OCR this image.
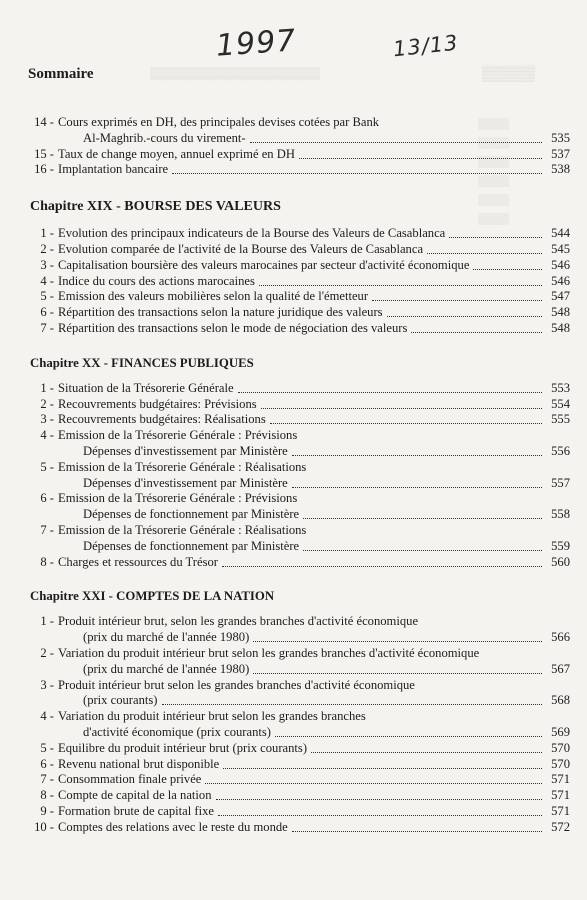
▒▒▒▒▒
▒▒▒▒▒▒▒▒▒▒▒▒▒▒▒▒▒▒▒▒
▒▒▒▒
▒▒▒▒
▒▒▒▒
▒▒▒▒
▒▒▒▒
▒▒▒▒
1997	13/13
Sommaire
14 - Cours exprimés en DH, des principales devises cotées par Bank
Al-Maghrib.-cours du virement-	535
15 - Taux de change moyen, annuel exprimé en DH	537
16 - Implantation bancaire	538
Chapitre XIX - BOURSE DES VALEURS
1 - Evolution des principaux indicateurs de la Bourse des Valeurs de Casablanca	544
2 - Evolution comparée de l'activité de la Bourse des Valeurs de Casablanca	545
3 - Capitalisation boursière des valeurs marocaines par secteur d'activité économique	546
4 - Indice du cours des actions marocaines	546
5 - Emission des valeurs mobilières selon la qualité de l'émetteur	547
6 - Répartition des transactions selon la nature juridique des valeurs	548
7 - Répartition des transactions selon le mode de négociation des valeurs	548
Chapitre XX - FINANCES PUBLIQUES
1 - Situation de la Trésorerie Générale	553
2 - Recouvrements budgétaires: Prévisions	554
3 - Recouvrements budgétaires: Réalisations	555
4 - Emission de la Trésorerie Générale : Prévisions
Dépenses d'investissement par Ministère	556
5 - Emission de la Trésorerie Générale : Réalisations
Dépenses d'investissement par Ministère	557
6 - Emission de la Trésorerie Générale : Prévisions
Dépenses de fonctionnement par Ministère	558
7 - Emission de la Trésorerie Générale : Réalisations
Dépenses de fonctionnement par Ministère	559
8 - Charges et ressources du Trésor	560
Chapitre XXI - COMPTES DE LA NATION
1 - Produit intérieur brut, selon les grandes branches d'activité économique
(prix du marché de l'année 1980)	566
2 - Variation du produit intérieur brut selon les grandes branches d'activité économique
(prix du marché de l'année 1980)	567
3 - Produit intérieur brut selon les grandes branches d'activité économique
(prix courants)	568
4 - Variation du produit intérieur brut selon les grandes branches
d'activité économique (prix courants)	569
5 - Equilibre du produit intérieur brut (prix courants)	570
6 - Revenu national brut disponible	570
7 - Consommation finale privée	571
8 - Compte de capital de la nation	571
9 - Formation brute de capital fixe	571
10 - Comptes des relations avec le reste du monde	572
